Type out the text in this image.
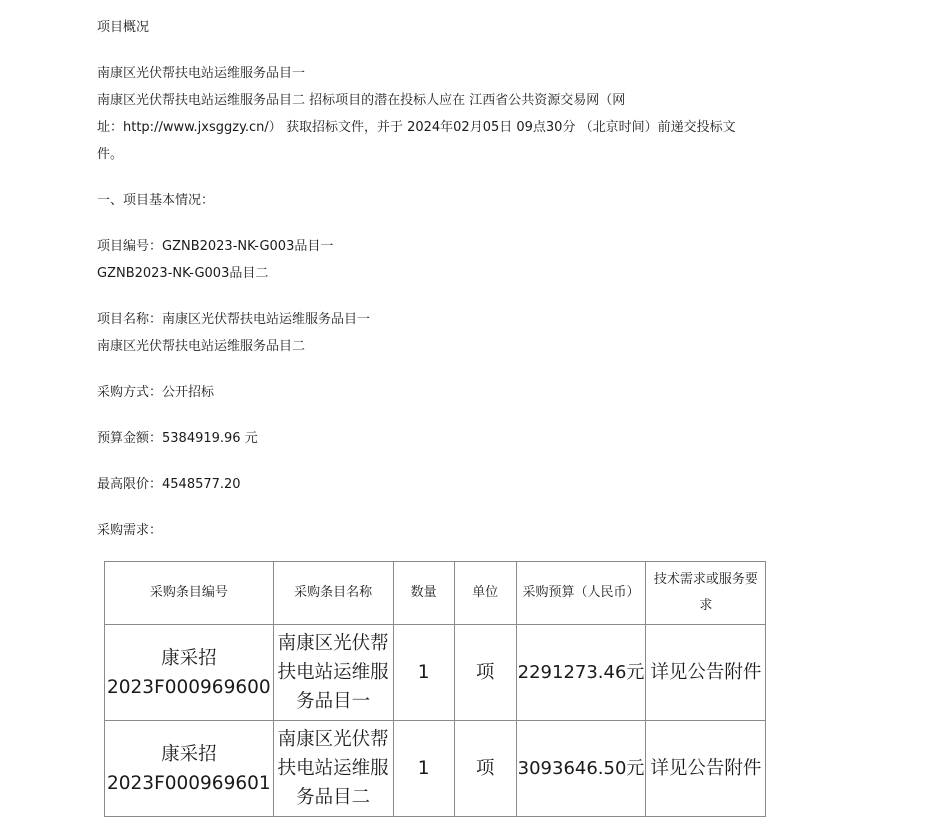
项目概况

南康区光伏帮扶电站运维服务品目一

南康区光伏帮扶电站运维服务品目二 招标项目的潜在投标人应在 江西省公共资源交易网（网

址：http://www.jxsggzy.cn/） 获取招标文件，并于 2024年02月05日 09点30分 （北京时间）前递交投标文

件。

一、项目基本情况：

项目编号：GZNB2023-NK-G003品目一

GZNB2023-NK-G003品目二

项目名称：南康区光伏帮扶电站运维服务品目一

南康区光伏帮扶电站运维服务品目二

采购方式：公开招标

预算金额：5384919.96 元

最高限价：4548577.20

采购需求：

采购条目编号	采购条目名称	数量	单位	采购预算（人民币）	技术需求或服务要求
康采招2023F000969600	南康区光伏帮扶电站运维服务品目一	1	项	2291273.46元	详见公告附件
康采招2023F000969601	南康区光伏帮扶电站运维服务品目二	1	项	3093646.50元	详见公告附件
